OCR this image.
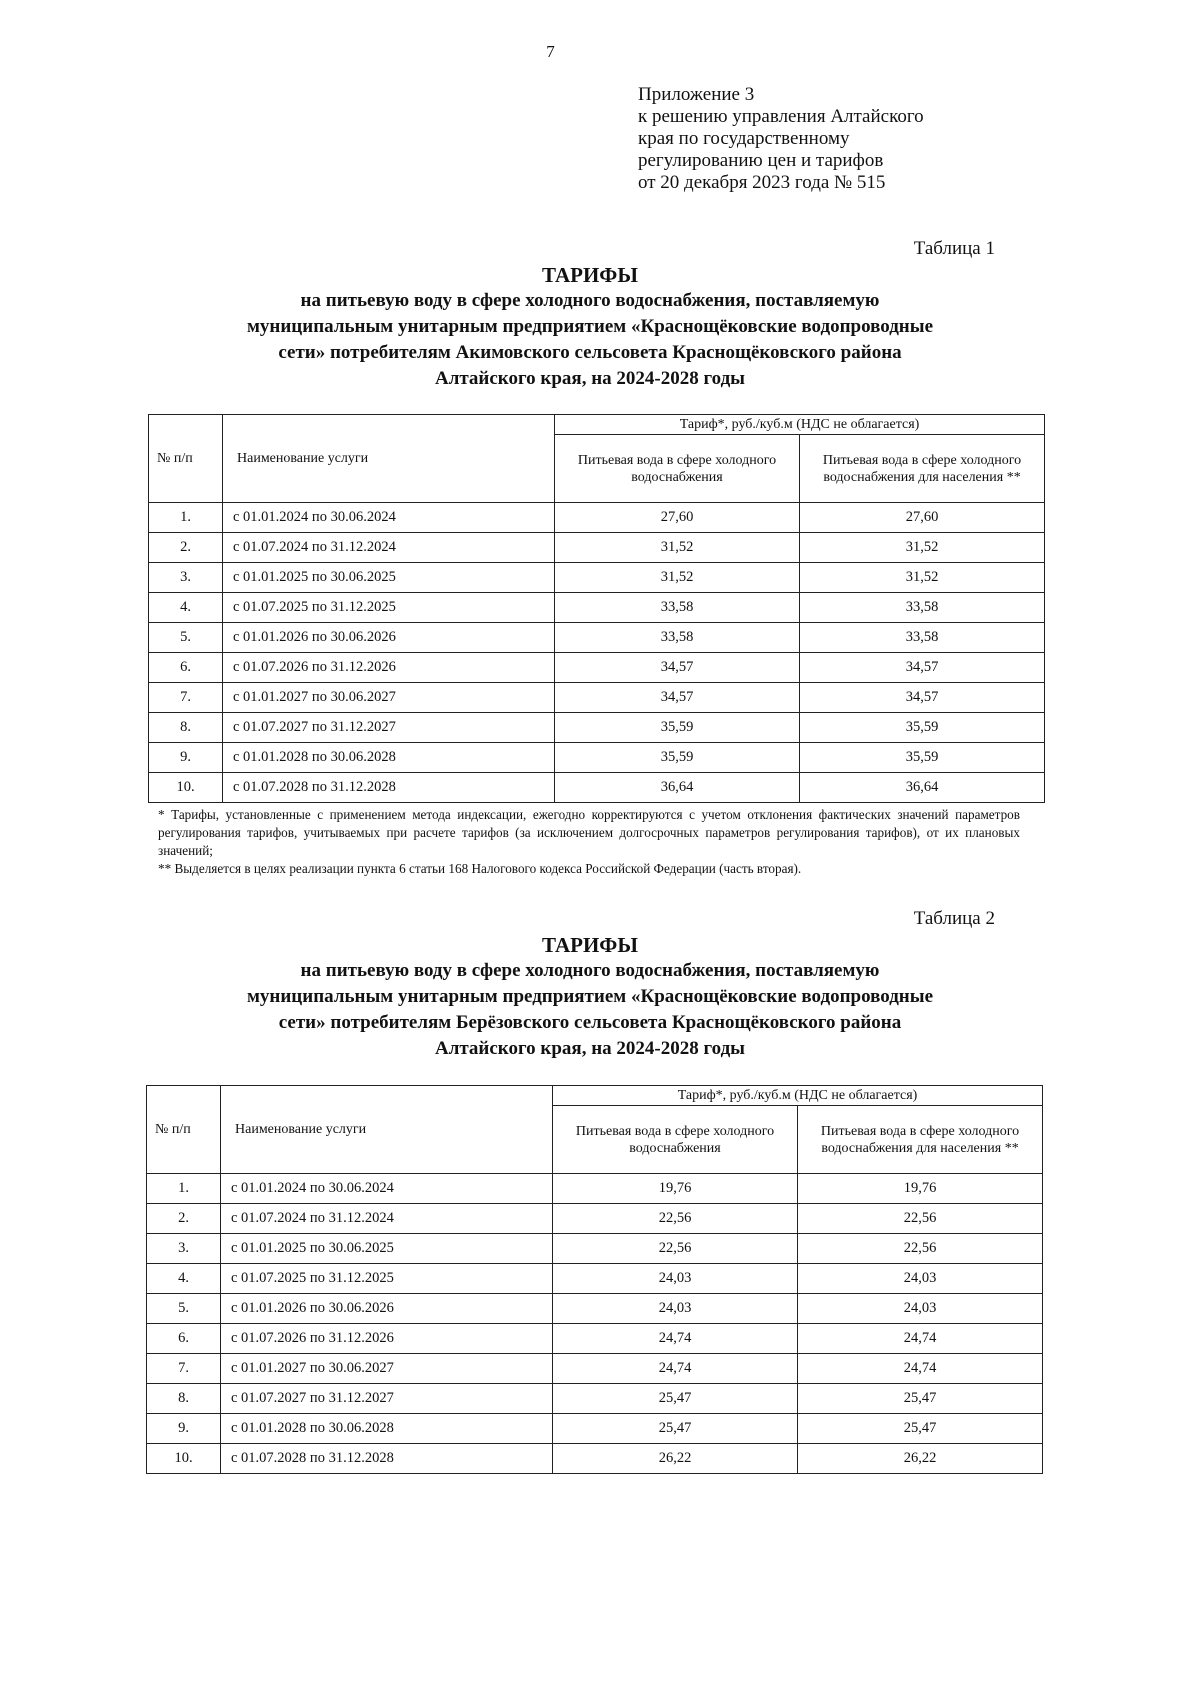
7
Приложение 3
к решению управления Алтайского
края по государственному
регулированию цен и тарифов
от 20 декабря 2023 года № 515
Таблица 1
ТАРИФЫ
на питьевую воду в сфере холодного водоснабжения, поставляемую
муниципальным унитарным предприятием «Краснощёковские водопроводные
сети» потребителям Акимовского сельсовета Краснощёковского района
Алтайского края, на 2024-2028 годы
№ п/п	Наименование услуги	Тариф*, руб./куб.м (НДС не облагается)	
		Питьевая вода в сфере холодного водоснабжения	Питьевая вода в сфере холодного водоснабжения для населения **
1.	с 01.01.2024 по 30.06.2024	27,60	27,60
2.	с 01.07.2024 по 31.12.2024	31,52	31,52
3.	с 01.01.2025 по 30.06.2025	31,52	31,52
4.	с 01.07.2025 по 31.12.2025	33,58	33,58
5.	с 01.01.2026 по 30.06.2026	33,58	33,58
6.	с 01.07.2026 по 31.12.2026	34,57	34,57
7.	с 01.01.2027 по 30.06.2027	34,57	34,57
8.	с 01.07.2027 по 31.12.2027	35,59	35,59
9.	с 01.01.2028 по 30.06.2028	35,59	35,59
10.	с 01.07.2028 по 31.12.2028	36,64	36,64
* Тарифы, установленные с применением метода индексации, ежегодно корректируются с учетом отклонения фактических значений параметров регулирования тарифов, учитываемых при расчете тарифов (за исключением долгосрочных параметров регулирования тарифов), от их плановых значений;
** Выделяется в целях реализации пункта 6 статьи 168 Налогового кодекса Российской Федерации (часть вторая).
Таблица 2
ТАРИФЫ
на питьевую воду в сфере холодного водоснабжения, поставляемую
муниципальным унитарным предприятием «Краснощёковские водопроводные
сети» потребителям Берёзовского сельсовета Краснощёковского района
Алтайского края, на 2024-2028 годы
№ п/п	Наименование услуги	Тариф*, руб./куб.м (НДС не облагается)	
		Питьевая вода в сфере холодного водоснабжения	Питьевая вода в сфере холодного водоснабжения для населения **
1.	с 01.01.2024 по 30.06.2024	19,76	19,76
2.	с 01.07.2024 по 31.12.2024	22,56	22,56
3.	с 01.01.2025 по 30.06.2025	22,56	22,56
4.	с 01.07.2025 по 31.12.2025	24,03	24,03
5.	с 01.01.2026 по 30.06.2026	24,03	24,03
6.	с 01.07.2026 по 31.12.2026	24,74	24,74
7.	с 01.01.2027 по 30.06.2027	24,74	24,74
8.	с 01.07.2027 по 31.12.2027	25,47	25,47
9.	с 01.01.2028 по 30.06.2028	25,47	25,47
10.	с 01.07.2028 по 31.12.2028	26,22	26,22
